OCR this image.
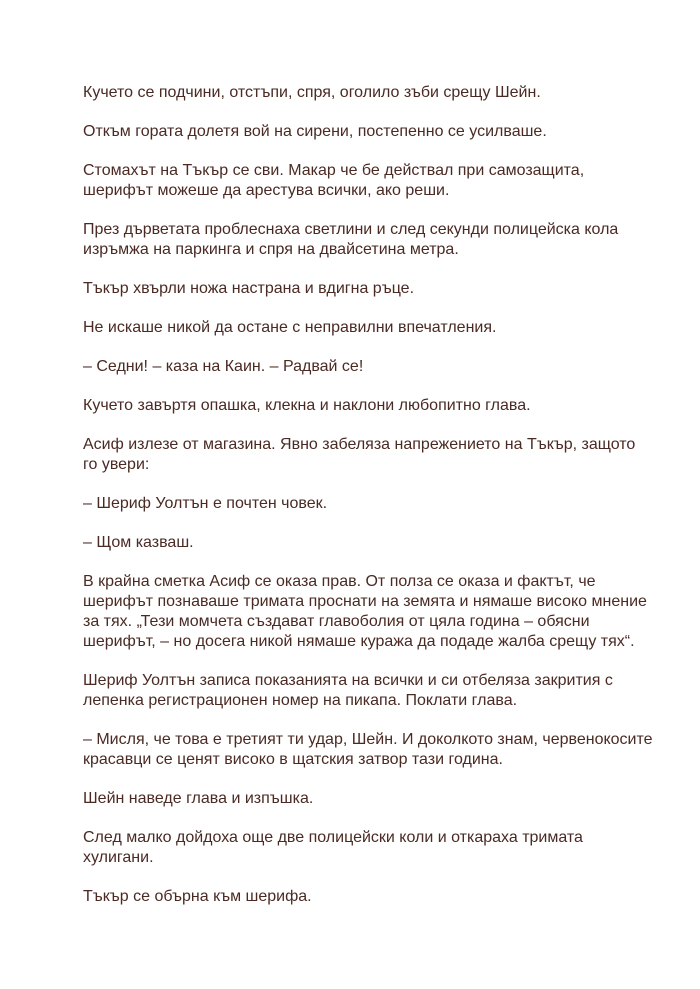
Кучето се подчини, отстъпи, спря, оголило зъби срещу Шейн.

Откъм гората долетя вой на сирени, постепенно се усилваше.

Стомахът на Тъкър се сви. Макар че бе действал при самозащита, шерифът можеше да арестува всички, ако реши.

През дърветата проблеснаха светлини и след секунди полицейска кола изръмжа на паркинга и спря на двайсетина метра.

Тъкър хвърли ножа настрана и вдигна ръце.

Не искаше никой да остане с неправилни впечатления.

– Седни! – каза на Каин. – Радвай се!

Кучето завъртя опашка, клекна и наклони любопитно глава.

Асиф излезе от магазина. Явно забеляза напрежението на Тъкър, защото го увери:

– Шериф Уолтън е почтен човек.

– Щом казваш.

В крайна сметка Асиф се оказа прав. От полза се оказа и фактът, че шерифът познаваше тримата проснати на земята и нямаше високо мнение за тях. „Тези момчета създават главоболия от цяла година – обясни шерифът, – но досега никой нямаше куража да подаде жалба срещу тях“.

Шериф Уолтън записа показанията на всички и си отбеляза закрития с лепенка регистрационен номер на пикапа. Поклати глава.

– Мисля, че това е третият ти удар, Шейн. И доколкото знам, червенокосите красавци се ценят високо в щатския затвор тази година.

Шейн наведе глава и изпъшка.

След малко дойдоха още две полицейски коли и откараха тримата хулигани.

Тъкър се обърна към шерифа.
